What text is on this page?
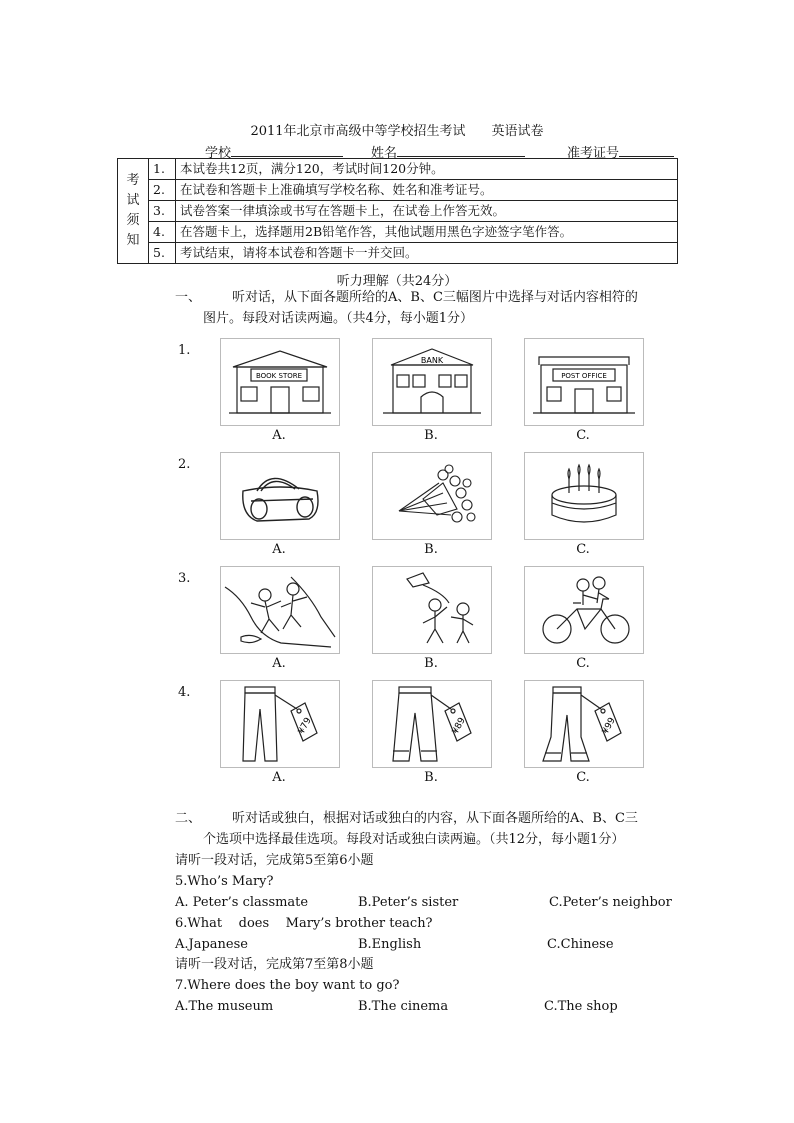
2011年北京市高级中等学校招生考试 英语试卷
学校	姓名	准考证号
考
试
须
知	1.	本试卷共12页，满分120，考试时间120分钟。
	2.	在试卷和答题卡上准确填写学校名称、姓名和准考证号。
	3.	试卷答案一律填涂或书写在答题卡上，在试卷上作答无效。
	4.	在答题卡上，选择题用2B铅笔作答，其他试题用黑色字迹签字笔作答。
	5.	考试结束，请将本试卷和答题卡一并交回。
听力理解（共24分）
一、 听对话，从下面各题所给的A、B、C三幅图片中选择与对话内容相符的
图片。每段对话读两遍。（共4分，每小题1分）
1.
BOOK STORE
A.
BANK
B.
POST OFFICE
C.
2.
A.	B.	C.
3.
A.	B.	C.
4.
¥79
A.
¥89
B.
¥99
C.
二、 听对话或独白，根据对话或独白的内容，从下面各题所给的A、B、C三
个选项中选择最佳选项。每段对话或独白读两遍。（共12分，每小题1分）
请听一段对话，完成第5至第6小题
5.Who’s Mary?
A. Peter’s classmate	B.Peter’s sister	C.Peter’s neighbor
6.What    does    Mary’s brother teach?
A.Japanese	B.English	C.Chinese
请听一段对话，完成第7至第8小题
7.Where does the boy want to go?
A.The museum	B.The cinema	C.The shop
